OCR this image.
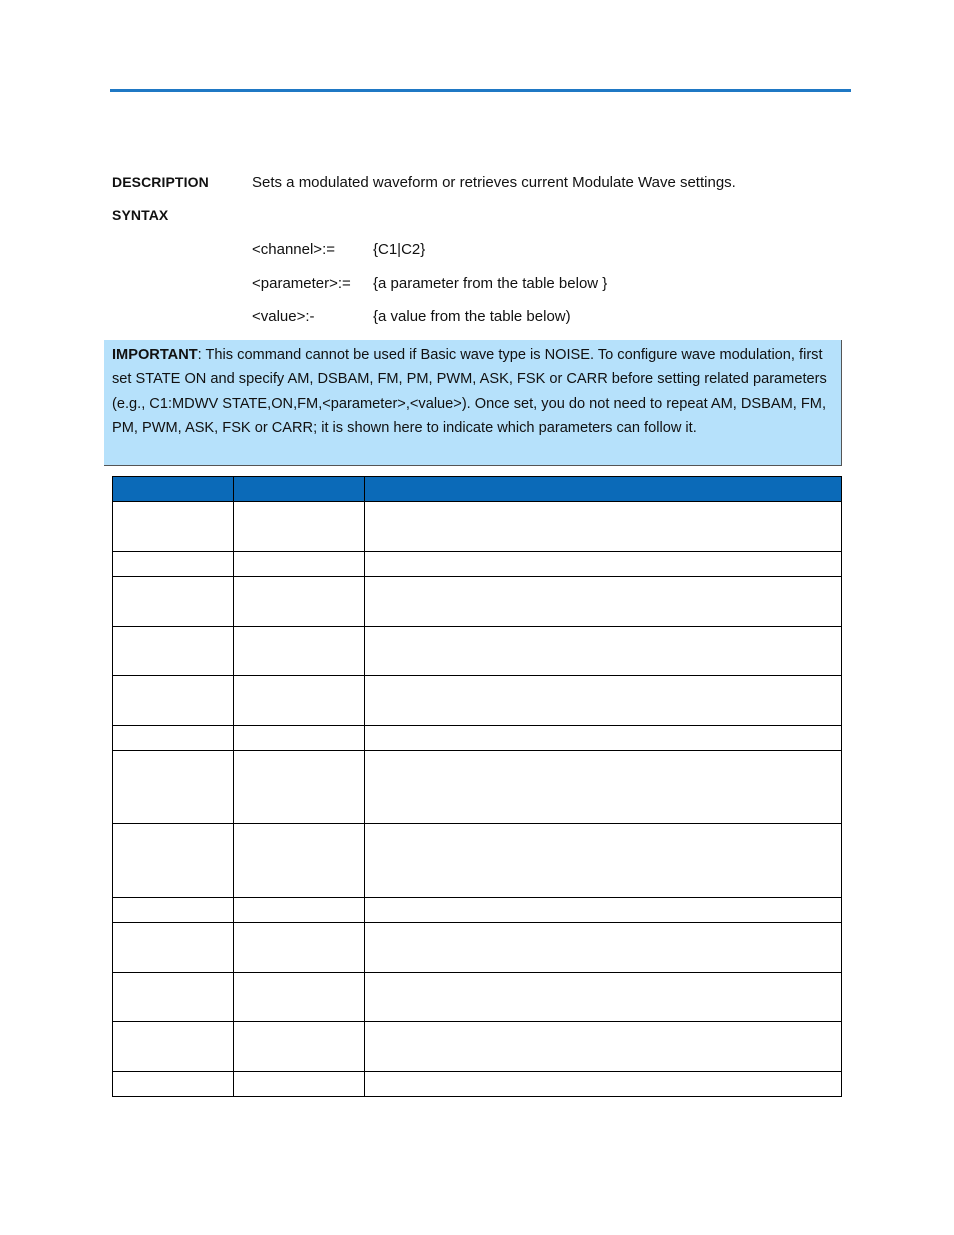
DESCRIPTION	Sets a modulated waveform or retrieves current Modulate Wave settings.
SYNTAX
<channel>:=	{C1|C2}
<parameter>:= {a parameter from the table below }
<value>:-	{a value from the table below)
IMPORTANT: This command cannot be used if Basic wave type is NOISE. To configure wave modulation, first set STATE ON and specify AM, DSBAM, FM, PM, PWM, ASK, FSK or CARR before setting related parameters (e.g., C1:MDWV STATE,ON,FM,<parameter>,<value>). Once set, you do not need to repeat AM, DSBAM, FM, PM, PWM, ASK, FSK or CARR; it is shown here to indicate which parameters can follow it.
